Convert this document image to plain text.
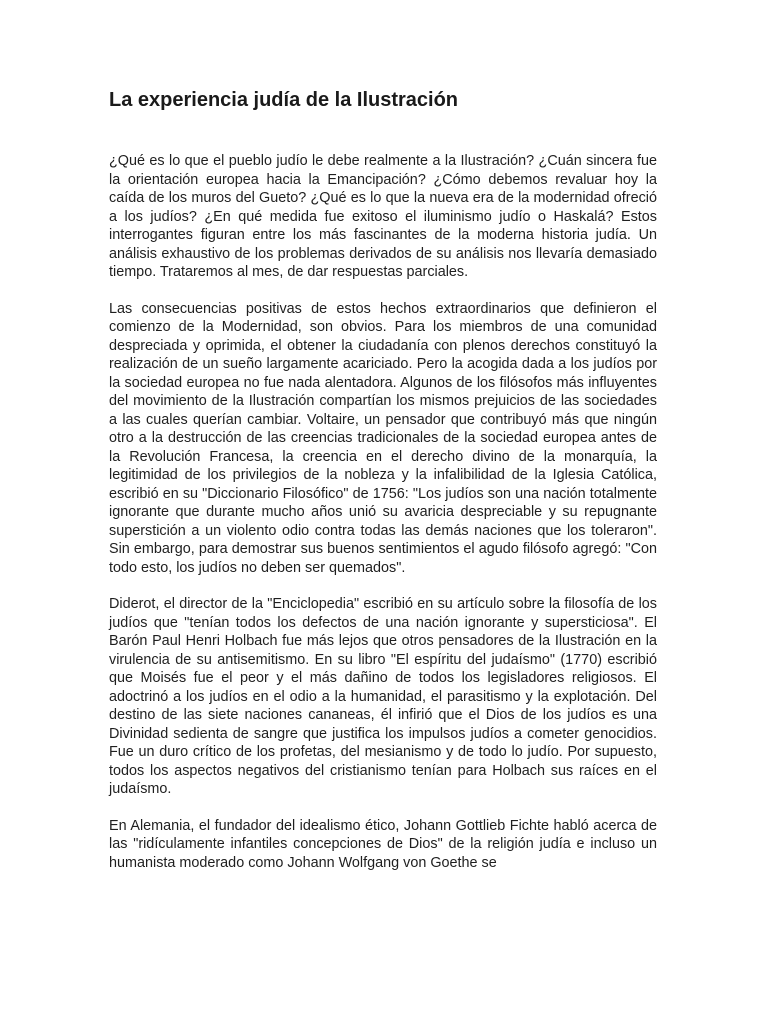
La experiencia judía de la Ilustración

¿Qué es lo que el pueblo judío le debe realmente a la Ilustración? ¿Cuán sincera fue la orientación europea hacia la Emancipación? ¿Cómo debemos revaluar hoy la caída de los muros del Gueto? ¿Qué es lo que la nueva era de la modernidad ofreció a los judíos? ¿En qué medida fue exitoso el iluminismo judío o Haskalá? Estos interrogantes figuran entre los más fascinantes de la moderna historia judía. Un análisis exhaustivo de los problemas derivados de su análisis nos llevaría demasiado tiempo. Trataremos al mes, de dar respuestas parciales.

Las consecuencias positivas de estos hechos extraordinarios que definieron el comienzo de la Modernidad, son obvios. Para los miembros de una comunidad despreciada y oprimida, el obtener la ciudadanía con plenos derechos constituyó la realización de un sueño largamente acariciado. Pero la acogida dada a los judíos por la sociedad europea no fue nada alentadora. Algunos de los filósofos más influyentes del movimiento de la Ilustración compartían los mismos prejuicios de las sociedades a las cuales querían cambiar. Voltaire, un pensador que contribuyó más que ningún otro a la destrucción de las creencias tradicionales de la sociedad europea antes de la Revolución Francesa, la creencia en el derecho divino de la monarquía, la legitimidad de los privilegios de la nobleza y la infalibilidad de la Iglesia Católica, escribió en su "Diccionario Filosófico" de 1756: "Los judíos son una nación totalmente ignorante que durante mucho años unió su avaricia despreciable y su repugnante superstición a un violento odio contra todas las demás naciones que los toleraron". Sin embargo, para demostrar sus buenos sentimientos el agudo filósofo agregó: "Con todo esto, los judíos no deben ser quemados".

Diderot, el director de la "Enciclopedia" escribió en su artículo sobre la filosofía de los judíos que "tenían todos los defectos de una nación ignorante y supersticiosa". El Barón Paul Henri Holbach fue más lejos que otros pensadores de la Ilustración en la virulencia de su antisemitismo. En su libro "El espíritu del judaísmo" (1770) escribió que Moisés fue el peor y el más dañino de todos los legisladores religiosos. El adoctrinó a los judíos en el odio a la humanidad, el parasitismo y la explotación. Del destino de las siete naciones cananeas, él infirió que el Dios de los judíos es una Divinidad sedienta de sangre que justifica los impulsos judíos a cometer genocidios. Fue un duro crítico de los profetas, del mesianismo y de todo lo judío. Por supuesto, todos los aspectos negativos del cristianismo tenían para Holbach sus raíces en el judaísmo.

En Alemania, el fundador del idealismo ético, Johann Gottlieb Fichte habló acerca de las "ridículamente infantiles concepciones de Dios" de la religión judía e incluso un humanista moderado como Johann Wolfgang von Goethe se
